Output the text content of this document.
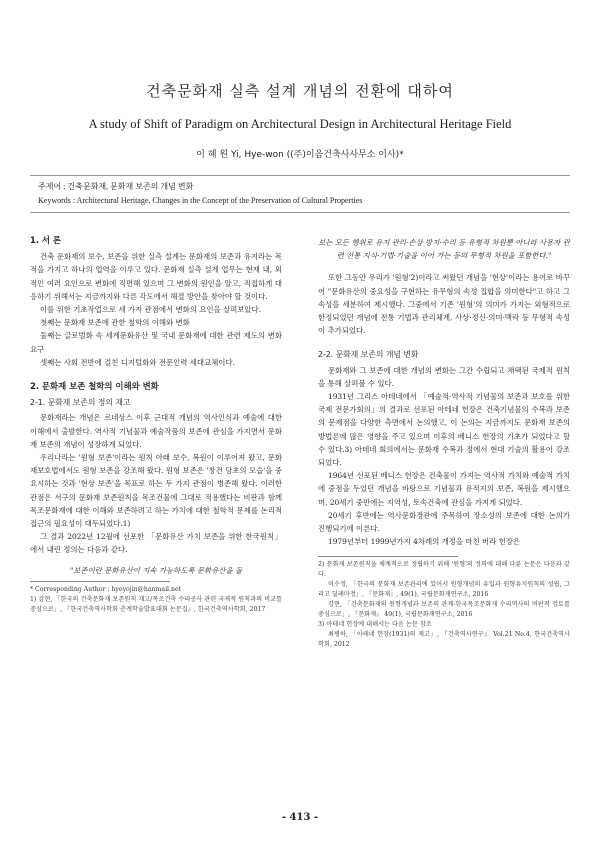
건축문화재 실측 설계 개념의 전환에 대하여
A study of Shift of Paradigm on Architectural Design in Architectural Heritage Field
이 혜 원 Yi, Hye-won ((주)이음건축사사무소 이사)*
주제어 : 건축문화재, 문화재 보존의 개념 변화
Keywords : Architectural Heritage, Changes in the Concept of the Preservation of Cultural Properties

1. 서 론

건축 문화재의 보수, 보존을 위한 실측 설계는 문화재의 보존과 유지라는 목적을 가지고 하나의 업역을 이루고 있다. 문화재 실측 설계 업무는 현재 내, 외적인 여러 요인으로 변화에 직면해 있으며 그 변화의 원인을 알고, 직접하게 대응하기 위해서는 지금까지와 다른 각도에서 해결 방안을 찾아야 할 것이다.

이를 위한 기초작업으로 세 가지 관점에서 변화의 요인을 살펴보았다.

첫째는 문화재 보존에 관한 철학의 이해와 변화

둘째는 글로벌화 속 세계문화유산 및 국내 문화재에 대한 관련 제도의 변화 요구

셋째는 사회 전반에 걸친 디지털화와 전문인력 세대교체이다.

2. 문화재 보존 철학의 이해와 변화

2-1. 문화재 보존의 정의 재고

문화재라는 개념은 르네상스 이후 근대적 개념의 역사인식과 예술에 대한 이해에서 출발한다. 역사적 기념물과 예술작품의 보존에 관심을 가지면서 문화재 보존의 개념이 성장하게 되었다.

우리나라는 '원형 보존'이라는 원칙 아래 보수, 복원이 이루어져 왔고, 문화재보호법에서도 원형 보존을 강조해 왔다. 원형 보존은 '창건 당초의 모습'을 중요시하는 것과 '현상 보존'을 목표로 하는 두 가지 관점이 병존해 왔다. 이러한 관점은 서구의 문화재 보존원칙을 목조건물에 그대로 적용했다는 비판과 함께 목조문화재에 대한 이해와 보존하려고 하는 가치에 대한 철학적 문제를 논리적 접근의 필요성이 대두되었다.1)

그 결과 2022년 12월에 선포한 「문화유산 가치 보존을 위한 한국원칙」에서 내린 정의는 다음과 같다.

"보존이란 문화유산이 지속 가능하도록 문화유산을 돌

* Corresponding Author : hyeyojin@hanmail.net

1) 강현, 「한국의 건축문화재 보존원칙 재고/목조건축 수리공사 관련 국제적 원칙과의 비교를 중심으로」, 『한국건축역사학회 춘계학술발표대회 논문집』, 한국건축역사학회, 2017

보는 모든 행위로 유지 관리·손상 방지·수리 등 유형적 차원뿐 아니라 사용자 관련 전통 지식·기법·기술을 이어 가는 등의 무형적 차원을 포함한다."

또한 그동안 우리가 '원형'2)이라고 써왔던 개념을 '현상'이라는 용어로 바꾸어 "문화유산의 중요성을 구현하는 유무형의 속성 집합을 의미한다"고 하고 그 속성을 세분하여 제시했다. 그중에서 기존 '원형'의 의미가 가지는 외형적으로 한정되었던 개념에 전통 기법과 관리체계, 사상·정신·의미·맥락 등 무형적 속성이 추가되었다.

2-2. 문화재 보존의 개념 변화

문화재와 그 보존에 대한 개념의 변화는 그간 수립되고 채택된 국제적 원칙을 통해 살펴볼 수 있다.

1931년 그리스 아테네에서 「예술적·역사적 기념물의 보존과 보호를 위한 국제 전문가회의」의 결과로 선포된 아테네 헌장은 건축기념물의 수복과 보존의 문제점을 다양한 측면에서 논의했고, 이 논의는 지금까지도 문화재 보존의 방법론에 많은 영향을 주고 있으며 이후의 베니스 헌장의 기초가 되었다고 할 수 있다.3) 아테네 회의에서는 문화재 수복과 정에서 현대 기술의 활용이 강조되었다.

1964년 선포된 베니스 헌장은 건축물이 가지는 역사적 가치와 예술적 가치에 중점을 두었던 개념을 바탕으로 기념물과 유적지의 보존, 복원을 제시했으며, 20세기 중반에는 지역성, 토속건축에 관심을 가지게 되었다.

20세기 후반에는 역사문화경관에 주목하여 장소성의 보존에 대한 논의가 진행되기에 이른다.

1979년부터 1999년가지 4차례의 개정을 마친 버라 헌장은

2) 문화재 보존원칙을 체계적으로 정립하기 위해 '원형'의 정의에 대해 다룬 논문은 다음과 같다.

이수정, 「한국의 문화재 보존관리에 있어서 원형개념의 유입과 원형유지원칙의 성립, 그리고 딜레마정」, 『문화재』, 49(1), 국립문화재연구소, 2016

강현, 「건축문화재의 원형개념과 보존의 관계-한국목조문화재 수리역사의 비판적 검토를 중심으로」, 『문화재』 49(1), 국립문화재연구소, 2016

3) 아테네 헌장에 대해서는 다음 논문 참조

최병하, 「아테네 헌장(1931)의 재고」, 『건축역사연구』 Vol.21 No.4, 한국건축역사학회, 2012

- 413 -
